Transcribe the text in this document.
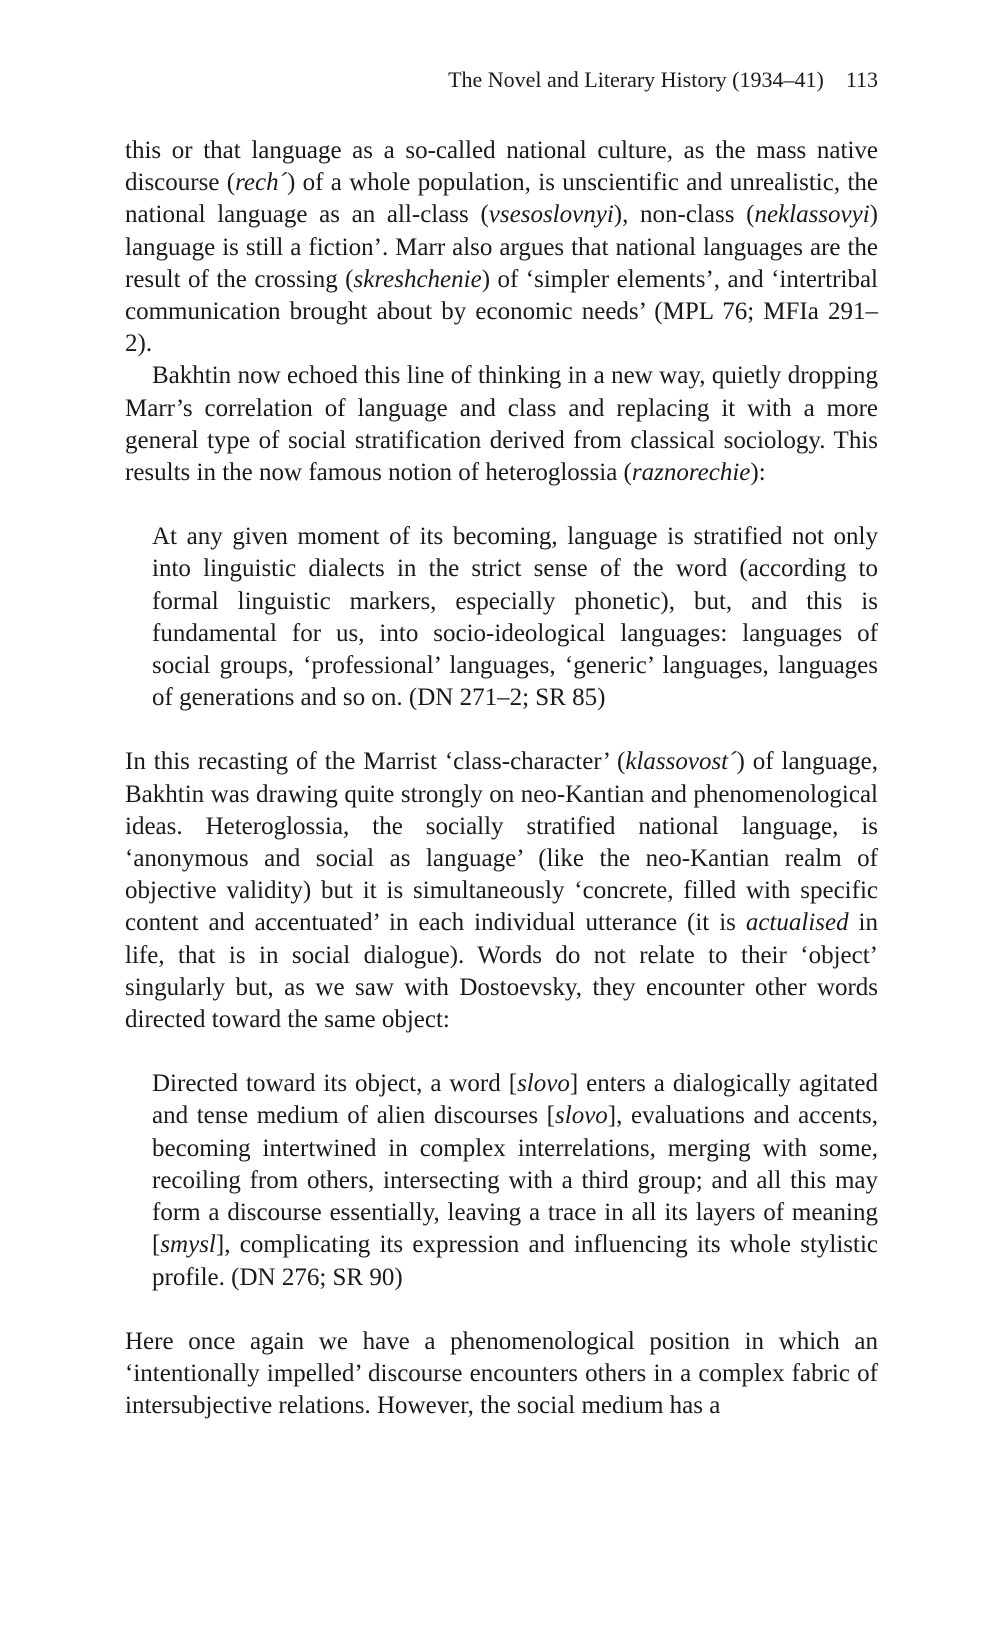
The Novel and Literary History (1934–41) 113

this or that language as a so-called national culture, as the mass native discourse (rech´) of a whole population, is unscientific and unrealistic, the national language as an all-class (vsesoslovnyi), non-class (neklassovyi) language is still a fiction’. Marr also argues that national languages are the result of the crossing (skreshchenie) of ‘simpler elements’, and ‘intertribal communication brought about by economic needs’ (MPL 76; MFIa 291–2).

Bakhtin now echoed this line of thinking in a new way, quietly dropping Marr’s correlation of language and class and replacing it with a more general type of social stratification derived from classical sociology. This results in the now famous notion of heteroglossia (raznorechie):

At any given moment of its becoming, language is stratified not only into linguistic dialects in the strict sense of the word (according to formal linguistic markers, especially phonetic), but, and this is fundamental for us, into socio-ideological languages: languages of social groups, ‘professional’ languages, ‘generic’ languages, languages of generations and so on. (DN 271–2; SR 85)

In this recasting of the Marrist ‘class-character’ (klassovost´) of language, Bakhtin was drawing quite strongly on neo-Kantian and phenomenological ideas. Heteroglossia, the socially stratified national language, is ‘anonymous and social as language’ (like the neo-Kantian realm of objective validity) but it is simultaneously ‘concrete, filled with specific content and accentuated’ in each individual utterance (it is actualised in life, that is in social dialogue). Words do not relate to their ‘object’ singularly but, as we saw with Dostoevsky, they encounter other words directed toward the same object:

Directed toward its object, a word [slovo] enters a dialogically agitated and tense medium of alien discourses [slovo], evaluations and accents, becoming intertwined in complex interrelations, merging with some, recoiling from others, intersecting with a third group; and all this may form a discourse essentially, leaving a trace in all its layers of meaning [smysl], complicating its expression and influencing its whole stylistic profile. (DN 276; SR 90)

Here once again we have a phenomenological position in which an ‘intentionally impelled’ discourse encounters others in a complex fabric of intersubjective relations. However, the social medium has a
